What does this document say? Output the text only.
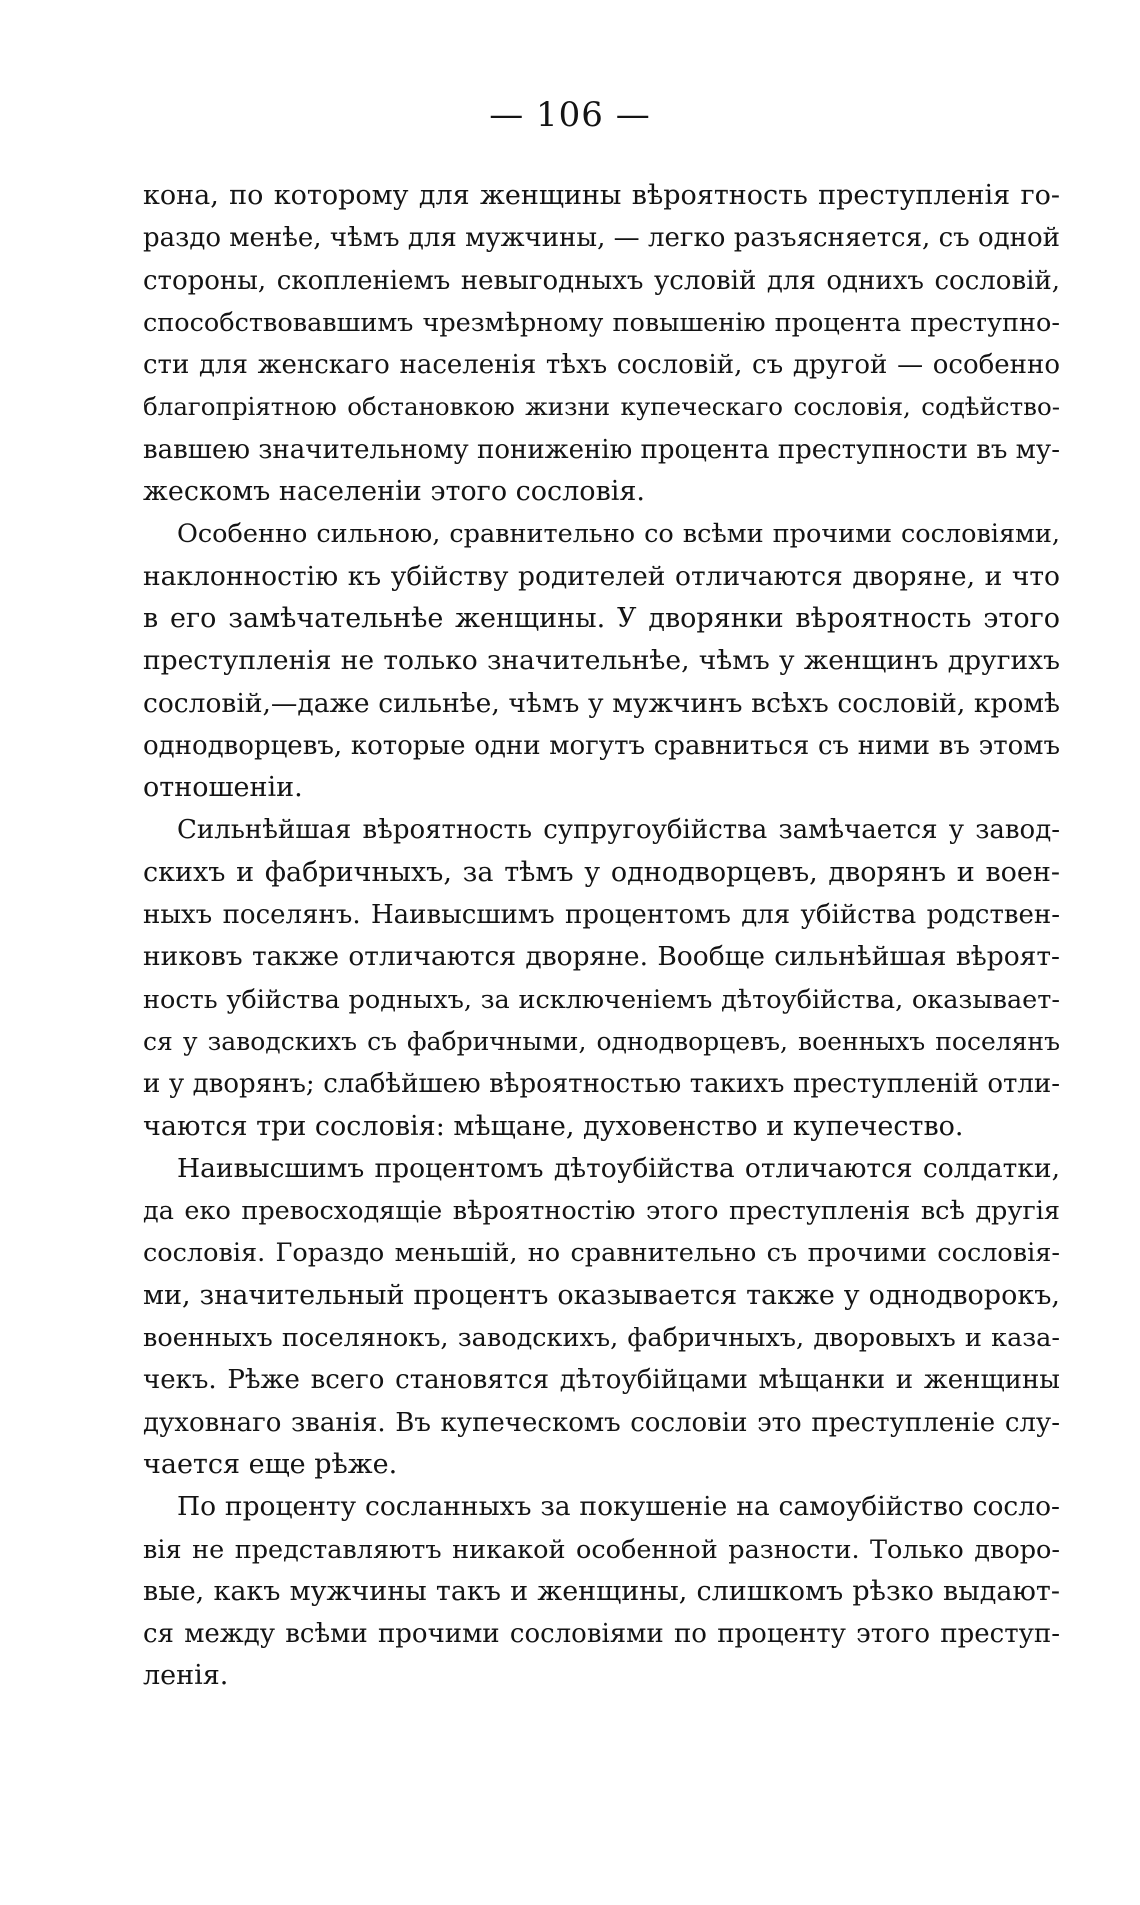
— 106 —
кона, по которому для женщины вѣроятность преступленія го-
раздо менѣе, чѣмъ для мужчины, — легко разъясняется, съ одной
стороны, скопленіемъ невыгодныхъ условій для однихъ сословій,
способствовавшимъ чрезмѣрному повышенію процента преступно-
сти для женскаго населенія тѣхъ сословій, съ другой — особенно
благопріятною обстановкою жизни купеческаго сословія, содѣйство-
вавшею значительному пониженію процента преступности въ му-
жескомъ населеніи этого сословія.
Особенно сильною, сравнительно со всѣми прочими сословіями,
наклонностію къ убійству родителей отличаются дворяне, и что
в его замѣчательнѣе женщины. У дворянки вѣроятность этого
преступленія не только значительнѣе, чѣмъ у женщинъ другихъ
сословій,—даже сильнѣе, чѣмъ у мужчинъ всѣхъ сословій, кромѣ
однодворцевъ, которые одни могутъ сравниться съ ними въ этомъ
отношеніи.
Сильнѣйшая вѣроятность супругоубійства замѣчается у завод-
скихъ и фабричныхъ, за тѣмъ у однодворцевъ, дворянъ и воен-
ныхъ поселянъ. Наивысшимъ процентомъ для убійства родствен-
никовъ также отличаются дворяне. Вообще сильнѣйшая вѣроят-
ность убійства родныхъ, за исключеніемъ дѣтоубійства, оказывает-
ся у заводскихъ съ фабричными, однодворцевъ, военныхъ поселянъ
и у дворянъ; слабѣйшею вѣроятностью такихъ преступленій отли-
чаются три сословія: мѣщане, духовенство и купечество.
Наивысшимъ процентомъ дѣтоубійства отличаются солдатки,
да еко превосходящіе вѣроятностію этого преступленія всѣ другія
сословія. Гораздо меньшій, но сравнительно съ прочими сословія-
ми, значительный процентъ оказывается также у однодворокъ,
военныхъ поселянокъ, заводскихъ, фабричныхъ, дворовыхъ и каза-
чекъ. Рѣже всего становятся дѣтоубійцами мѣщанки и женщины
духовнаго званія. Въ купеческомъ сословіи это преступленіе слу-
чается еще рѣже.
По проценту сосланныхъ за покушеніе на самоубійство сосло-
вія не представляютъ никакой особенной разности. Только дворо-
вые, какъ мужчины такъ и женщины, слишкомъ рѣзко выдают-
ся между всѣми прочими сословіями по проценту этого преступ-
ленія.
